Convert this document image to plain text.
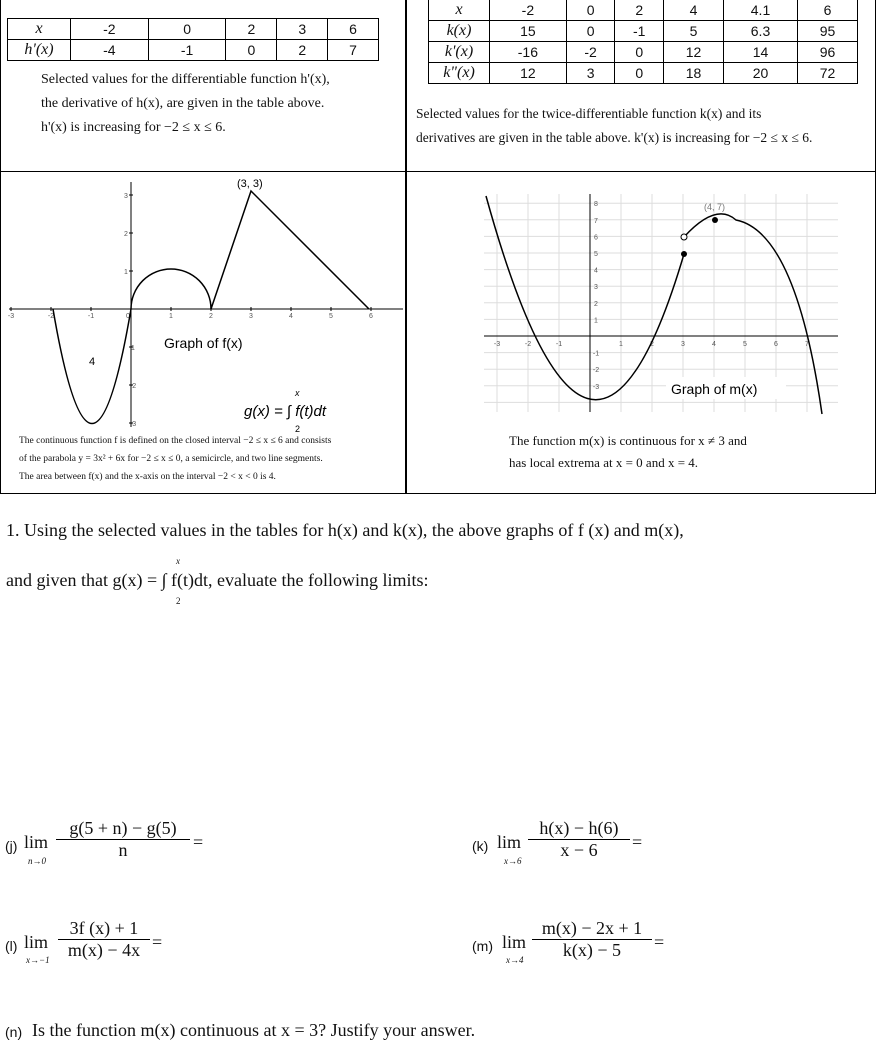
x	-2	0	2	3	6
h'(x)	-4	-1	0	2	7
Selected values for the differentiable function h'(x),
the derivative of h(x), are given in the table above.
h'(x) is increasing for −2 ≤ x ≤ 6.
x	-2	0	2	4	4.1	6
k(x)	15	0	-1	5	6.3	95
k'(x)	-16	-2	0	12	14	96
k"(x)	12	3	0	18	20	72
Selected values for the twice-differentiable function k(x) and its
derivatives are given in the table above. k'(x) is increasing for −2 ≤ x ≤ 6.
-3	-2	-1	0	1	2	3	4	5	6
3
2
1
1
-2
-3
(3, 3)
4
Graph of f(x)
g(x) = ∫ f(t)dt
x
2
The continuous function f is defined on the closed interval −2 ≤ x ≤ 6 and consists
of the parabola y = 3x² + 6x for −2 ≤ x ≤ 0, a semicircle, and two line segments.
The area between f(x) and the x-axis on the interval −2 < x < 0 is 4.
-3	-2	-1	1	2	3	4	5	6	7
8
7
6
5
4
3
2
1
-1
-2
-3
(4, 7)
Graph of m(x)
The function m(x) is continuous for x ≠ 3 and
has local extrema at x = 0 and x = 4.
1. Using the selected values in the tables for h(x) and k(x), the above graphs of f (x) and m(x),
and given that g(x) = ∫ f(t)dt, evaluate the following limits:
x
2
(j) lim
n→0
g(5 + n) − g(5)
n	=	(k) lim
x→6
h(x) − h(6)
x − 6	=
(l) lim
x→−1
3f (x) + 1
m(x) − 4x =	(m) lim
x→4
m(x) − 2x + 1
k(x) − 5	=
(n) Is the function m(x) continuous at x = 3? Justify your answer.
